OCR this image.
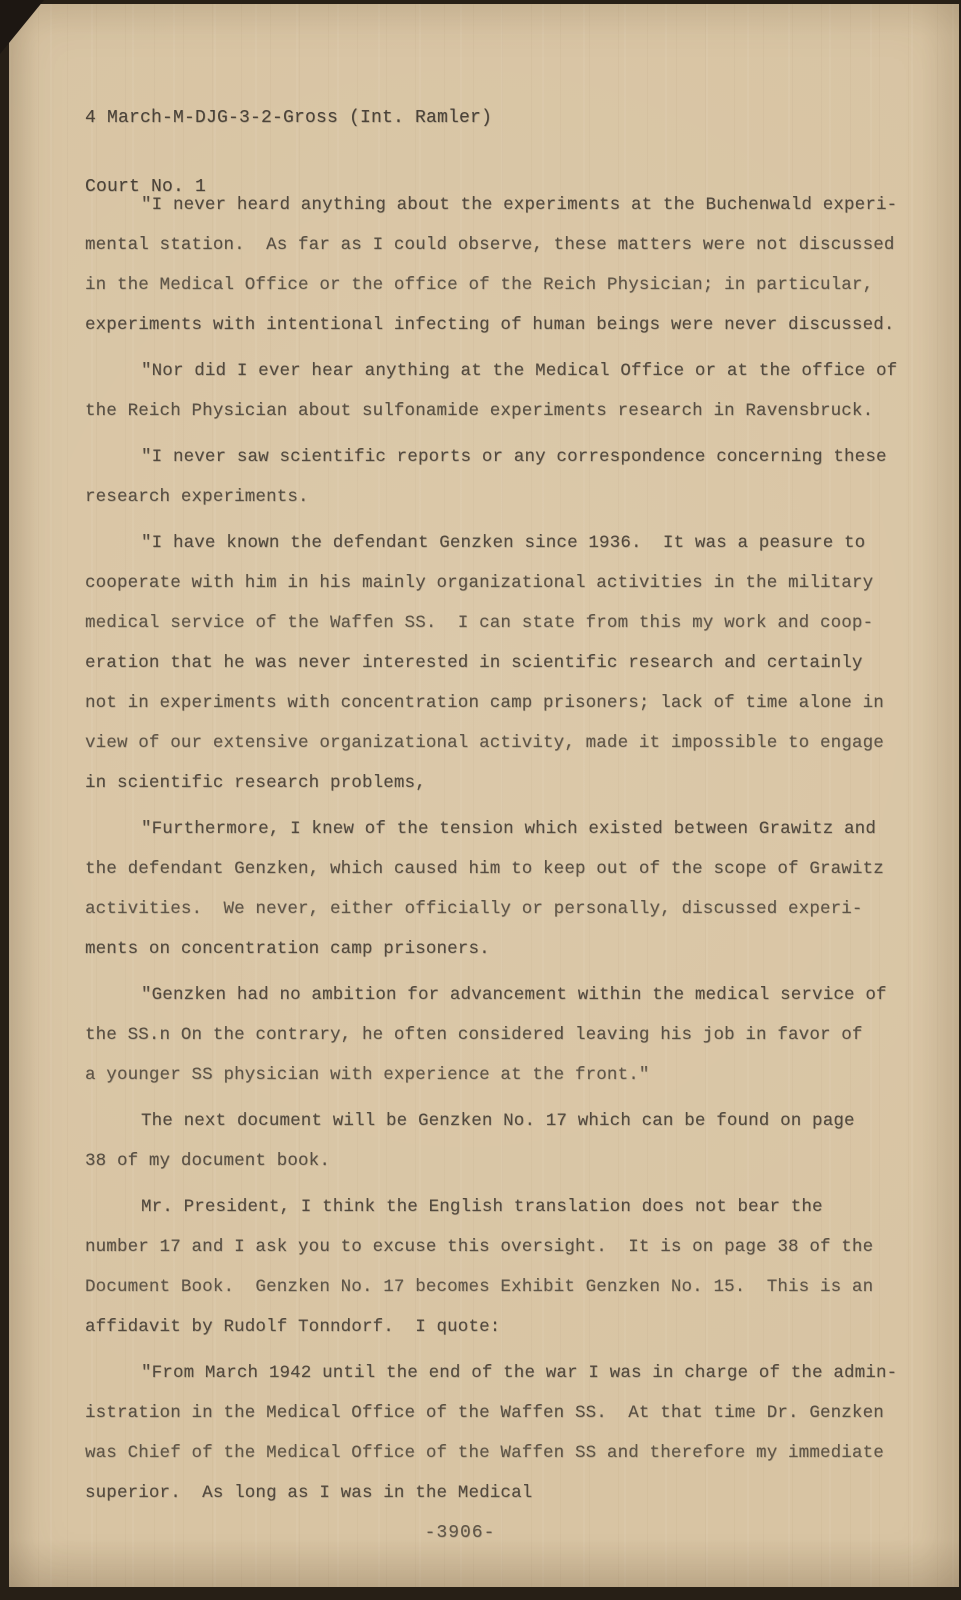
4 March-M-DJG-3-2-Gross (Int. Ramler)

Court No. 1

"I never heard anything about the experiments at the Buchenwald experi-
mental station.  As far as I could observe, these matters were not discussed
in the Medical Office or the office of the Reich Physician; in particular,
experiments with intentional infecting of human beings were never discussed.

"Nor did I ever hear anything at the Medical Office or at the office of
the Reich Physician about sulfonamide experiments research in Ravensbruck.

"I never saw scientific reports or any correspondence concerning these
research experiments.

"I have known the defendant Genzken since 1936.  It was a peasure to
cooperate with him in his mainly organizational activities in the military
medical service of the Waffen SS.  I can state from this my work and coop-
eration that he was never interested in scientific research and certainly
not in experiments with concentration camp prisoners; lack of time alone in
view of our extensive organizational activity, made it impossible to engage
in scientific research problems,

"Furthermore, I knew of the tension which existed between Grawitz and
the defendant Genzken, which caused him to keep out of the scope of Grawitz
activities.  We never, either officially or personally, discussed experi-
ments on concentration camp prisoners.

"Genzken had no ambition for advancement within the medical service of
the SS.n On the contrary, he often considered leaving his job in favor of
a younger SS physician with experience at the front."

The next document will be Genzken No. 17 which can be found on page
38 of my document book.

Mr. President, I think the English translation does not bear the
number 17 and I ask you to excuse this oversight.  It is on page 38 of the
Document Book.  Genzken No. 17 becomes Exhibit Genzken No. 15.  This is an
affidavit by Rudolf Tonndorf.  I quote:

"From March 1942 until the end of the war I was in charge of the admin-
istration in the Medical Office of the Waffen SS.  At that time Dr. Genzken
was Chief of the Medical Office of the Waffen SS and therefore my immediate
superior.  As long as I was in the Medical

-3906-
